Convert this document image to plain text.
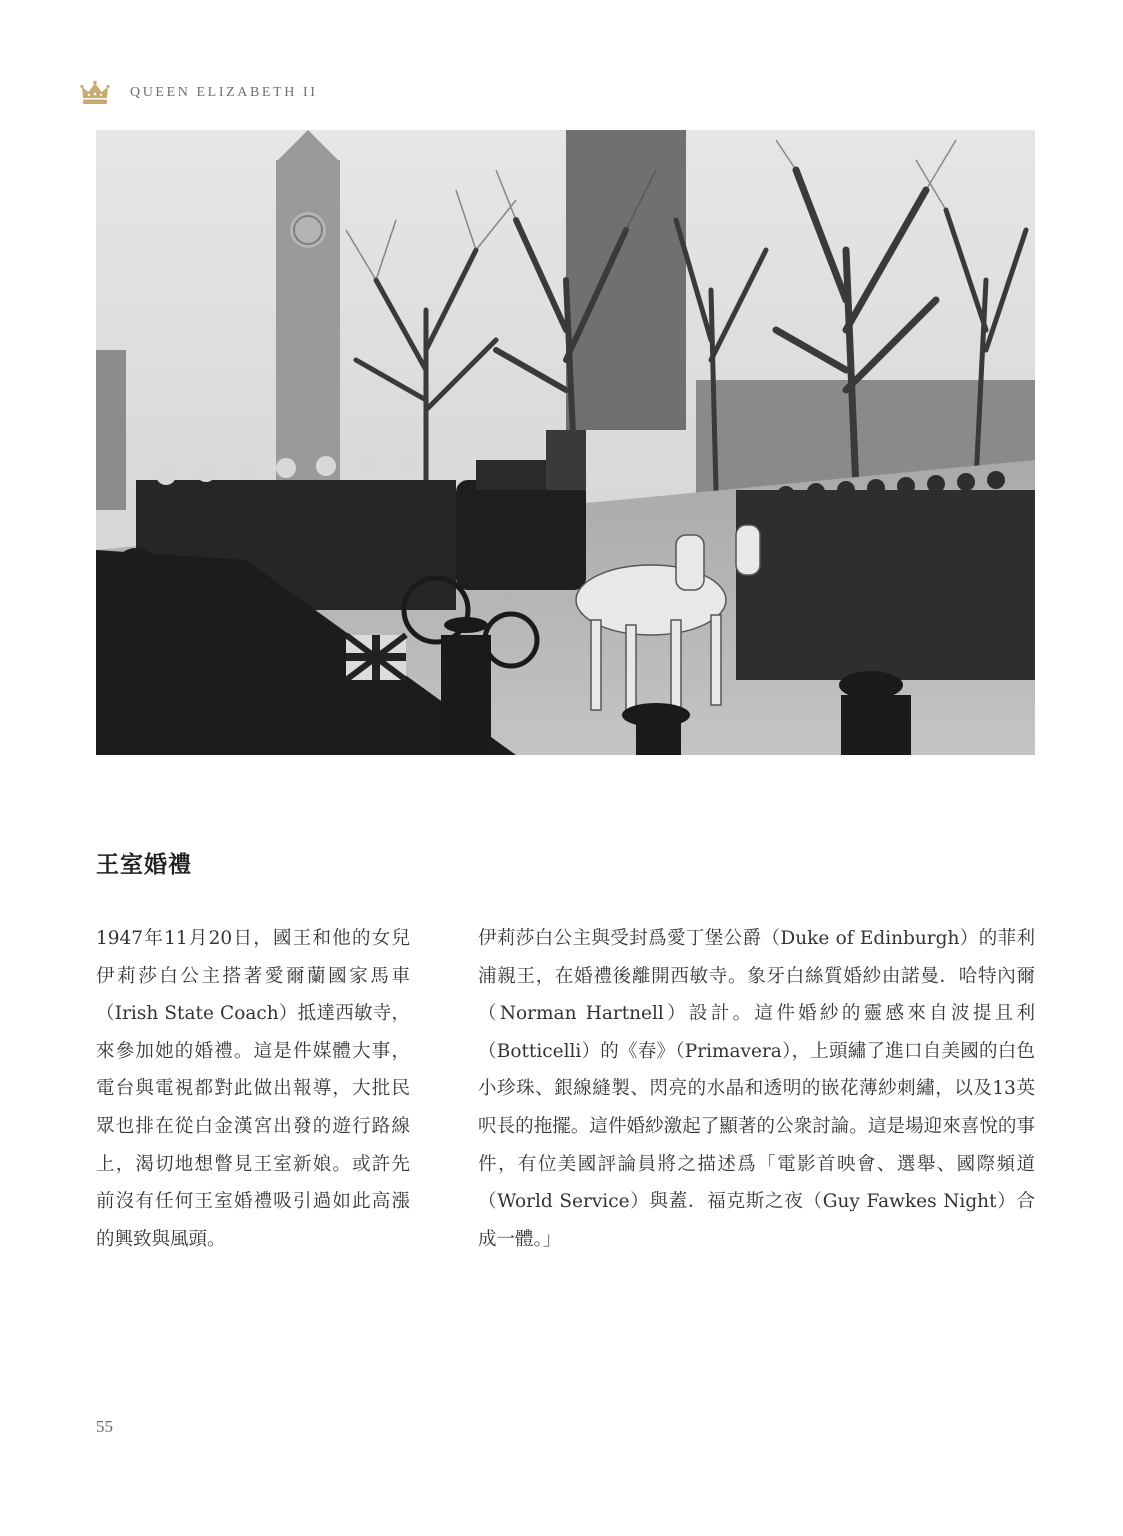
QUEEN ELIZABETH II
王室婚禮

1947年11月20日，國王和他的女兒伊莉莎白公主搭著愛爾蘭國家馬車（Irish State Coach）抵達西敏寺，來參加她的婚禮。這是件媒體大事，電台與電視都對此做出報導，大批民眾也排在從白金漢宮出發的遊行路線上，渴切地想瞥見王室新娘。或許先前沒有任何王室婚禮吸引過如此高漲的興致與風頭。

伊莉莎白公主與受封爲愛丁堡公爵（Duke of Edinburgh）的菲利浦親王，在婚禮後離開西敏寺。象牙白絲質婚紗由諾曼．哈特內爾（Norman Hartnell）設計。這件婚紗的靈感來自波提且利（Botticelli）的《春》（Primavera），上頭繡了進口自美國的白色小珍珠、銀線縫製、閃亮的水晶和透明的嵌花薄紗刺繡，以及13英呎長的拖擺。這件婚紗激起了顯著的公衆討論。這是場迎來喜悅的事件，有位美國評論員將之描述爲「電影首映會、選舉、國際頻道（World Service）與蓋．福克斯之夜（Guy Fawkes Night）合成一體。」

55
